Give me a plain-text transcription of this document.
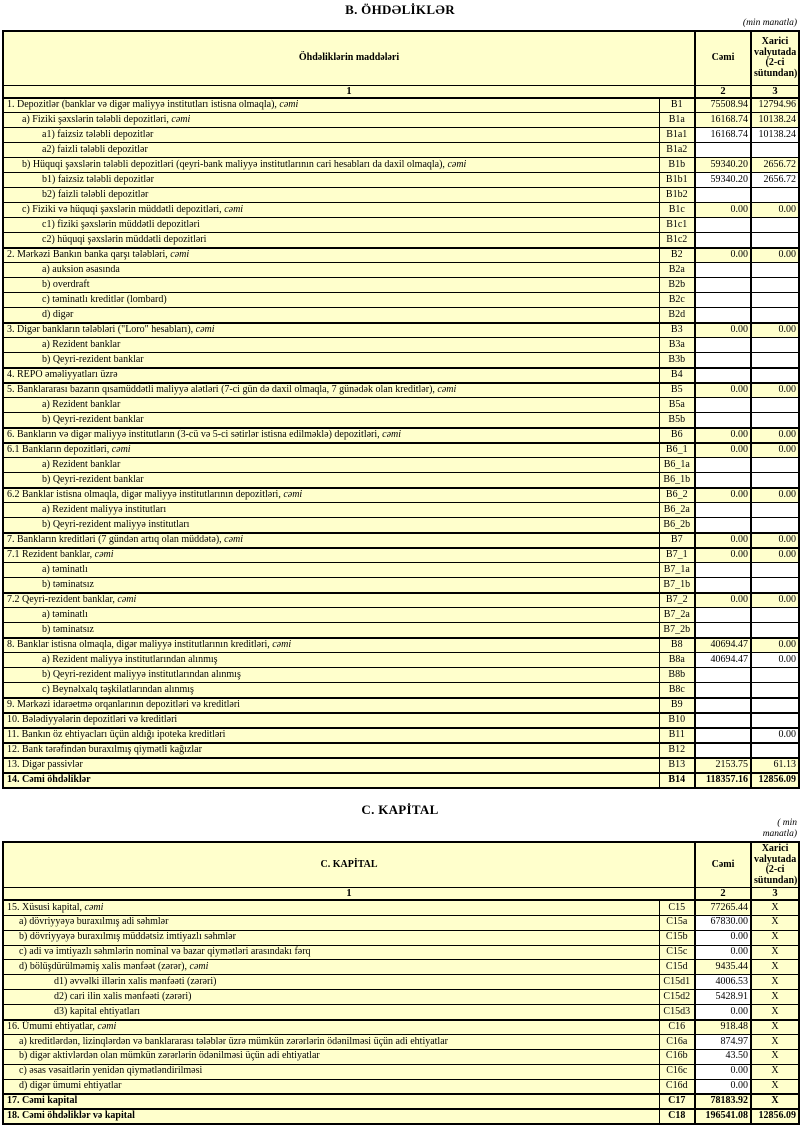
B. ÖHDƏLİKLƏR
(min manatla)
Öhdəliklərin maddələri		Cəmi	Xarici valyutada (2-ci sütundan)
1		2	3
1. Depozitlər (banklar və digər maliyyə institutları istisna olmaqla), cəmi	B1	75508.94	12794.96
a) Fiziki şəxslərin tələbli depozitləri, cəmi	B1a	16168.74	10138.24
a1) faizsiz tələbli depozitlər	B1a1	16168.74	10138.24
a2) faizli tələbli depozitlər	B1a2		
b) Hüquqi şəxslərin tələbli depozitləri (qeyri-bank maliyyə institutlarının cari hesabları da daxil olmaqla), cəmi	B1b	59340.20	2656.72
b1) faizsiz tələbli depozitlər	B1b1	59340.20	2656.72
b2) faizli tələbli depozitlər	B1b2		
c) Fiziki və hüquqi şəxslərin müddətli depozitləri, cəmi	B1c	0.00	0.00
c1) fiziki şəxslərin müddətli depozitləri	B1c1		
c2) hüquqi şəxslərin müddətli depozitləri	B1c2		
2. Mərkəzi Bankın banka qarşı tələbləri, cəmi	B2	0.00	0.00
a) auksion əsasında	B2a		
b) overdraft	B2b		
c) təminatlı kreditlər (lombard)	B2c		
d) digər	B2d		
3. Digər bankların tələbləri ("Loro" hesabları), cəmi	B3	0.00	0.00
a) Rezident banklar	B3a		
b) Qeyri-rezident banklar	B3b		
4. REPO əməliyyatları üzrə	B4		
5. Banklararası bazarın qısamüddətli maliyyə alətləri (7-ci gün də daxil olmaqla, 7 günədək olan kreditlər), cəmi	B5	0.00	0.00
a) Rezident banklar	B5a		
b) Qeyri-rezident banklar	B5b		
6. Bankların və digər maliyyə institutların (3-cü və 5-ci sətirlər istisna edilməklə) depozitləri, cəmi	B6	0.00	0.00
6.1 Bankların depozitləri, cəmi	B6_1	0.00	0.00
a) Rezident banklar	B6_1a		
b) Qeyri-rezident banklar	B6_1b		
6.2 Banklar istisna olmaqla, digər maliyyə institutlarının depozitləri, cəmi	B6_2	0.00	0.00
a) Rezident maliyyə institutları	B6_2a		
b) Qeyri-rezident maliyyə institutları	B6_2b		
7. Bankların kreditləri (7 gündən artıq olan müddətə), cəmi	B7	0.00	0.00
7.1 Rezident banklar, cəmi	B7_1	0.00	0.00
a) təminatlı	B7_1a		
b) təminatsız	B7_1b		
7.2 Qeyri-rezident banklar, cəmi	B7_2	0.00	0.00
a) təminatlı	B7_2a		
b) təminatsız	B7_2b		
8. Banklar istisna olmaqla, digər maliyyə institutlarının kreditləri, cəmi	B8	40694.47	0.00
a) Rezident maliyyə institutlarından alınmış	B8a	40694.47	0.00
b) Qeyri-rezident maliyyə institutlarından alınmış	B8b		
c) Beynəlxalq təşkilatlarından alınmış	B8c		
9. Mərkəzi idarəetmə orqanlarının depozitləri və kreditləri	B9		
10. Bələdiyyələrin depozitləri və kreditləri	B10		
11. Bankın öz ehtiyacları üçün aldığı ipoteka kreditləri	B11		0.00
12. Bank tərəfindən buraxılmış qiymətli kağızlar	B12		
13. Digər passivlər	B13	2153.75	61.13
14. Cəmi öhdəliklər	B14	118357.16	12856.09
C. KAPİTAL
( min
manatla)
C. KAPİTAL		Cəmi	Xarici valyutada (2-ci sütundan)
1		2	3
15. Xüsusi kapital, cəmi	C15	77265.44	X
a) dövriyyəyə buraxılmış adi səhmlər	C15a	67830.00	X
b) dövriyyəyə buraxılmış müddətsiz imtiyazlı səhmlər	C15b	0.00	X
c) adi və imtiyazlı səhmlərin nominal və bazar qiymətləri arasındakı fərq	C15c	0.00	X
d) bölüşdürülməmiş xalis mənfəət (zərər), cəmi	C15d	9435.44	X
d1) əvvəlki illərin xalis mənfəəti (zərəri)	C15d1	4006.53	X
d2) cari ilin xalis mənfəəti (zərəri)	C15d2	5428.91	X
d3) kapital ehtiyatları	C15d3	0.00	X
16. Ümumi ehtiyatlar, cəmi	C16	918.48	X
a) kreditlərdən, lizinqlərdən və banklararası tələblər üzrə mümkün zərərlərin ödənilməsi üçün adi ehtiyatlar	C16a	874.97	X
b) digər aktivlərdən olan mümkün zərərlərin ödənilməsi üçün adi ehtiyatlar	C16b	43.50	X
c) əsas vəsaitlərin yenidən qiymətləndirilməsi	C16c	0.00	X
d) digər ümumi ehtiyatlar	C16d	0.00	X
17. Cəmi kapital	C17	78183.92	X
18. Cəmi öhdəliklər və kapital	C18	196541.08	12856.09
